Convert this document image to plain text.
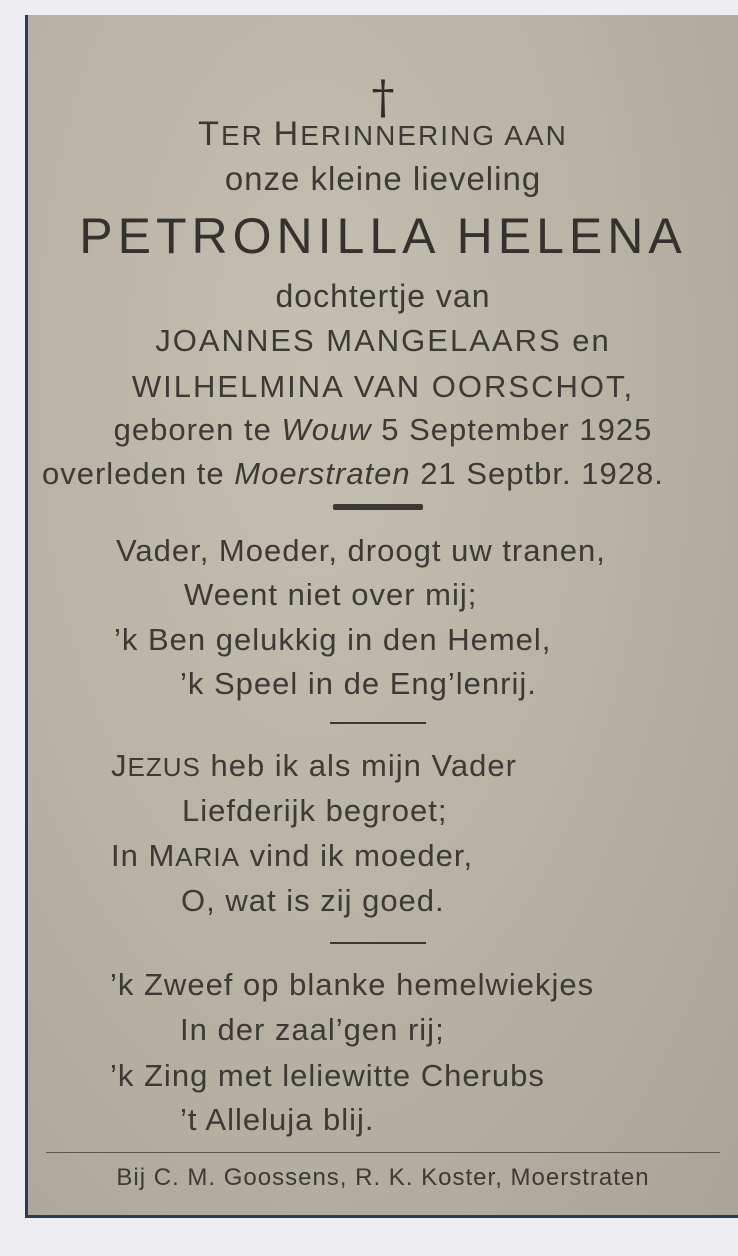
†
TER HERINNERING AAN
onze kleine lieveling
PETRONILLA HELENA
dochtertje van
JOANNES MANGELAARS en
WILHELMINA VAN OORSCHOT,
geboren te Wouw 5 September 1925
overleden te Moerstraten 21 Septbr. 1928.
Vader, Moeder, droogt uw tranen,
Weent niet over mij;
’k Ben gelukkig in den Hemel,
’k Speel in de Eng’lenrij.
JEZUS heb ik als mijn Vader
Liefderijk begroet;
In MARIA vind ik moeder,
O, wat is zij goed.
’k Zweef op blanke hemelwiekjes
In der zaal’gen rij;
’k Zing met leliewitte Cherubs
’t Alleluja blij.
Bij C. M. Goossens, R. K. Koster, Moerstraten
